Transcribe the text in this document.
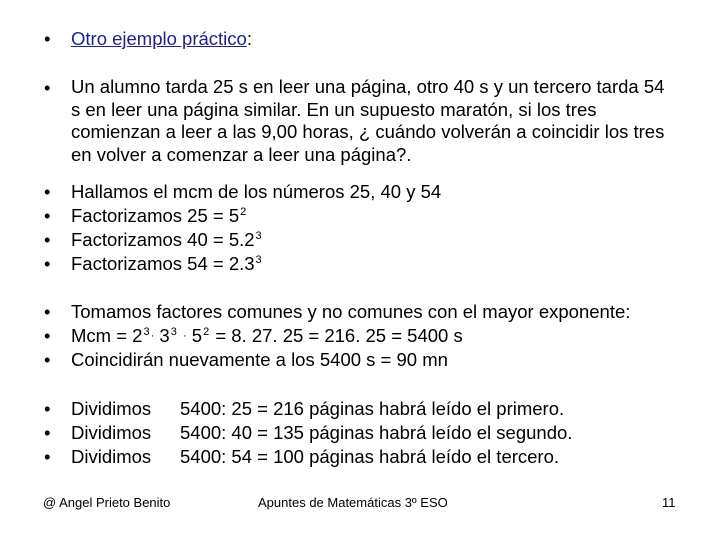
• Otro ejemplo práctico:
• Un alumno tarda 25 s en leer una página, otro 40 s y un tercero tarda 54 s en leer una página similar. En un supuesto maratón, si los tres comienzan a leer a las 9,00 horas, ¿ cuándo volverán a coincidir los tres en volver a comenzar a leer una página?.
• Hallamos el mcm de los números 25, 40 y 54
• Factorizamos $25 = 5^2$
• Factorizamos $40 = 5.2^3$
• Factorizamos $54 = 2.3^3$
• Tomamos factores comunes y no comunes con el mayor exponente:
• Mcm = $2^3\cdot 3^3 \cdot 5^2 = 8$. 27. 25 = 216. 25 = 5400 s
• Coincidirán nuevamente a los 5400 s = 90 mn
• Dividimos 5400: 25 = 216 páginas habrá leído el primero.
• Dividimos 5400: 40 = 135 páginas habrá leído el segundo.
• Dividimos 5400: 54 = 100 páginas habrá leído el tercero.
@ Angel Prieto Benito	Apuntes de Matemáticas 3º ESO	11
